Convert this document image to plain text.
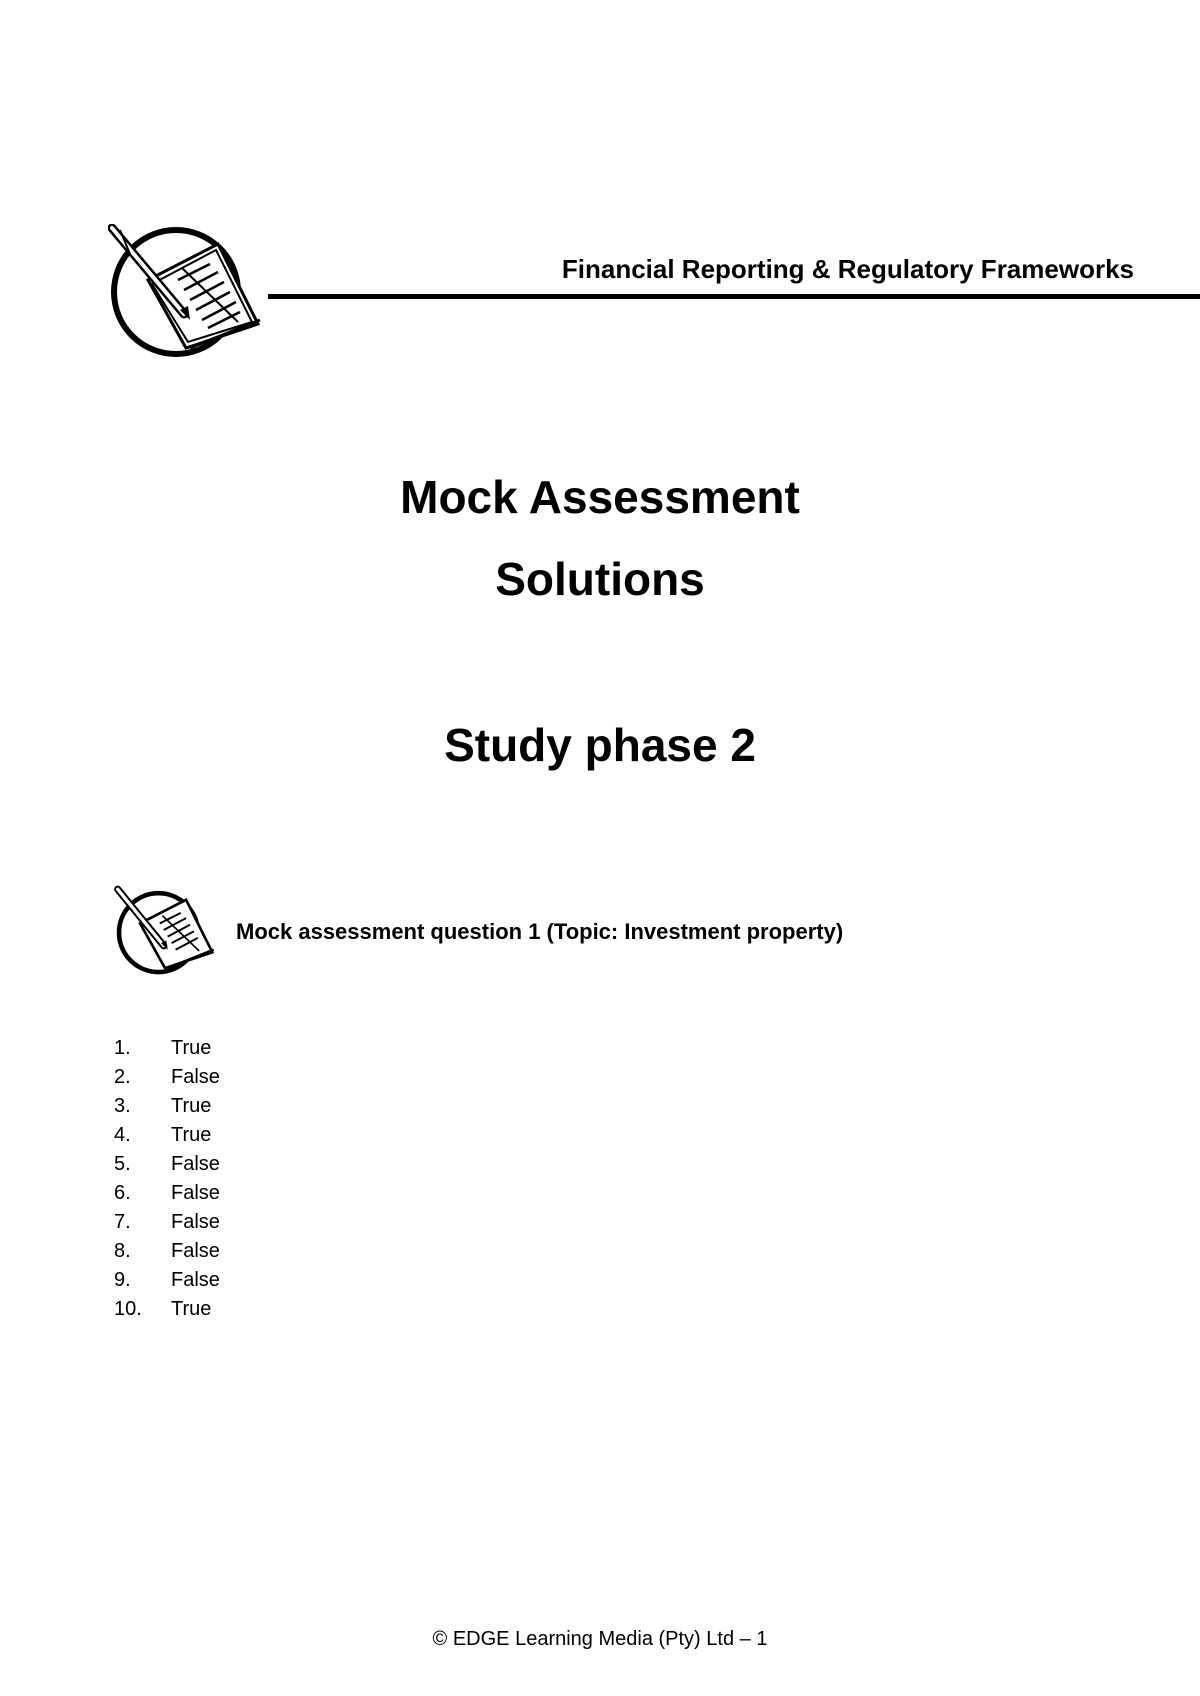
Financial Reporting & Regulatory Frameworks
Mock Assessment
Solutions
Study phase 2
Mock assessment question 1 (Topic: Investment property)
1.	True
2.	False
3.	True
4.	True
5.	False
6.	False
7.	False
8.	False
9.	False
10.	True
© EDGE Learning Media (Pty) Ltd – 1
